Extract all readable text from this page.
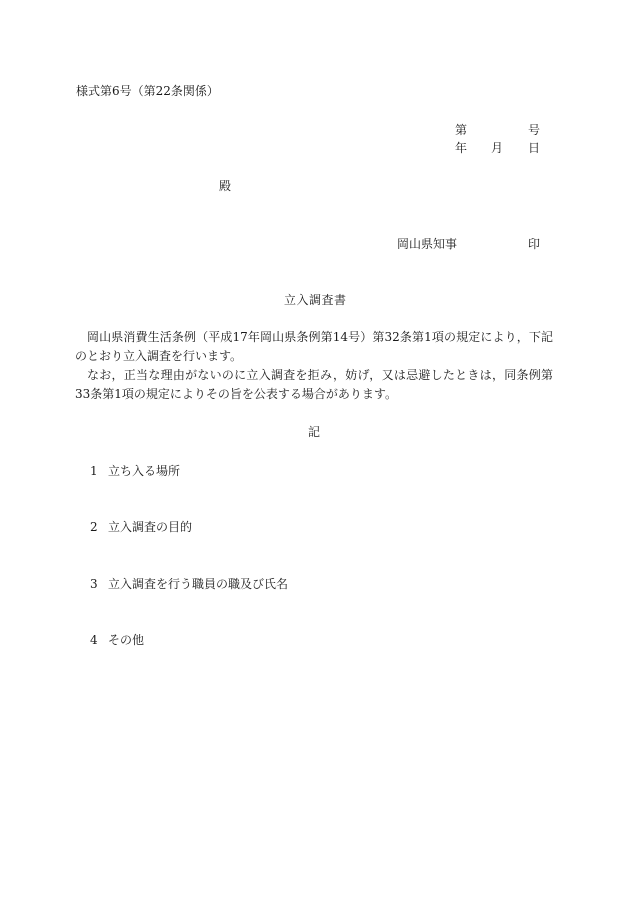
様式第6号（第22条関係）
第	号
年 月 日
殿
岡山県知事	印
立入調査書
岡山県消費生活条例（平成17年岡山県条例第14号）第32条第1項の規定により，下記のとおり立入調査を行います。
なお，正当な理由がないのに立入調査を拒み，妨げ，又は忌避したときは，同条例第33条第1項の規定によりその旨を公表する場合があります。
記
1 立ち入る場所
2 立入調査の目的
3 立入調査を行う職員の職及び氏名
4 その他
